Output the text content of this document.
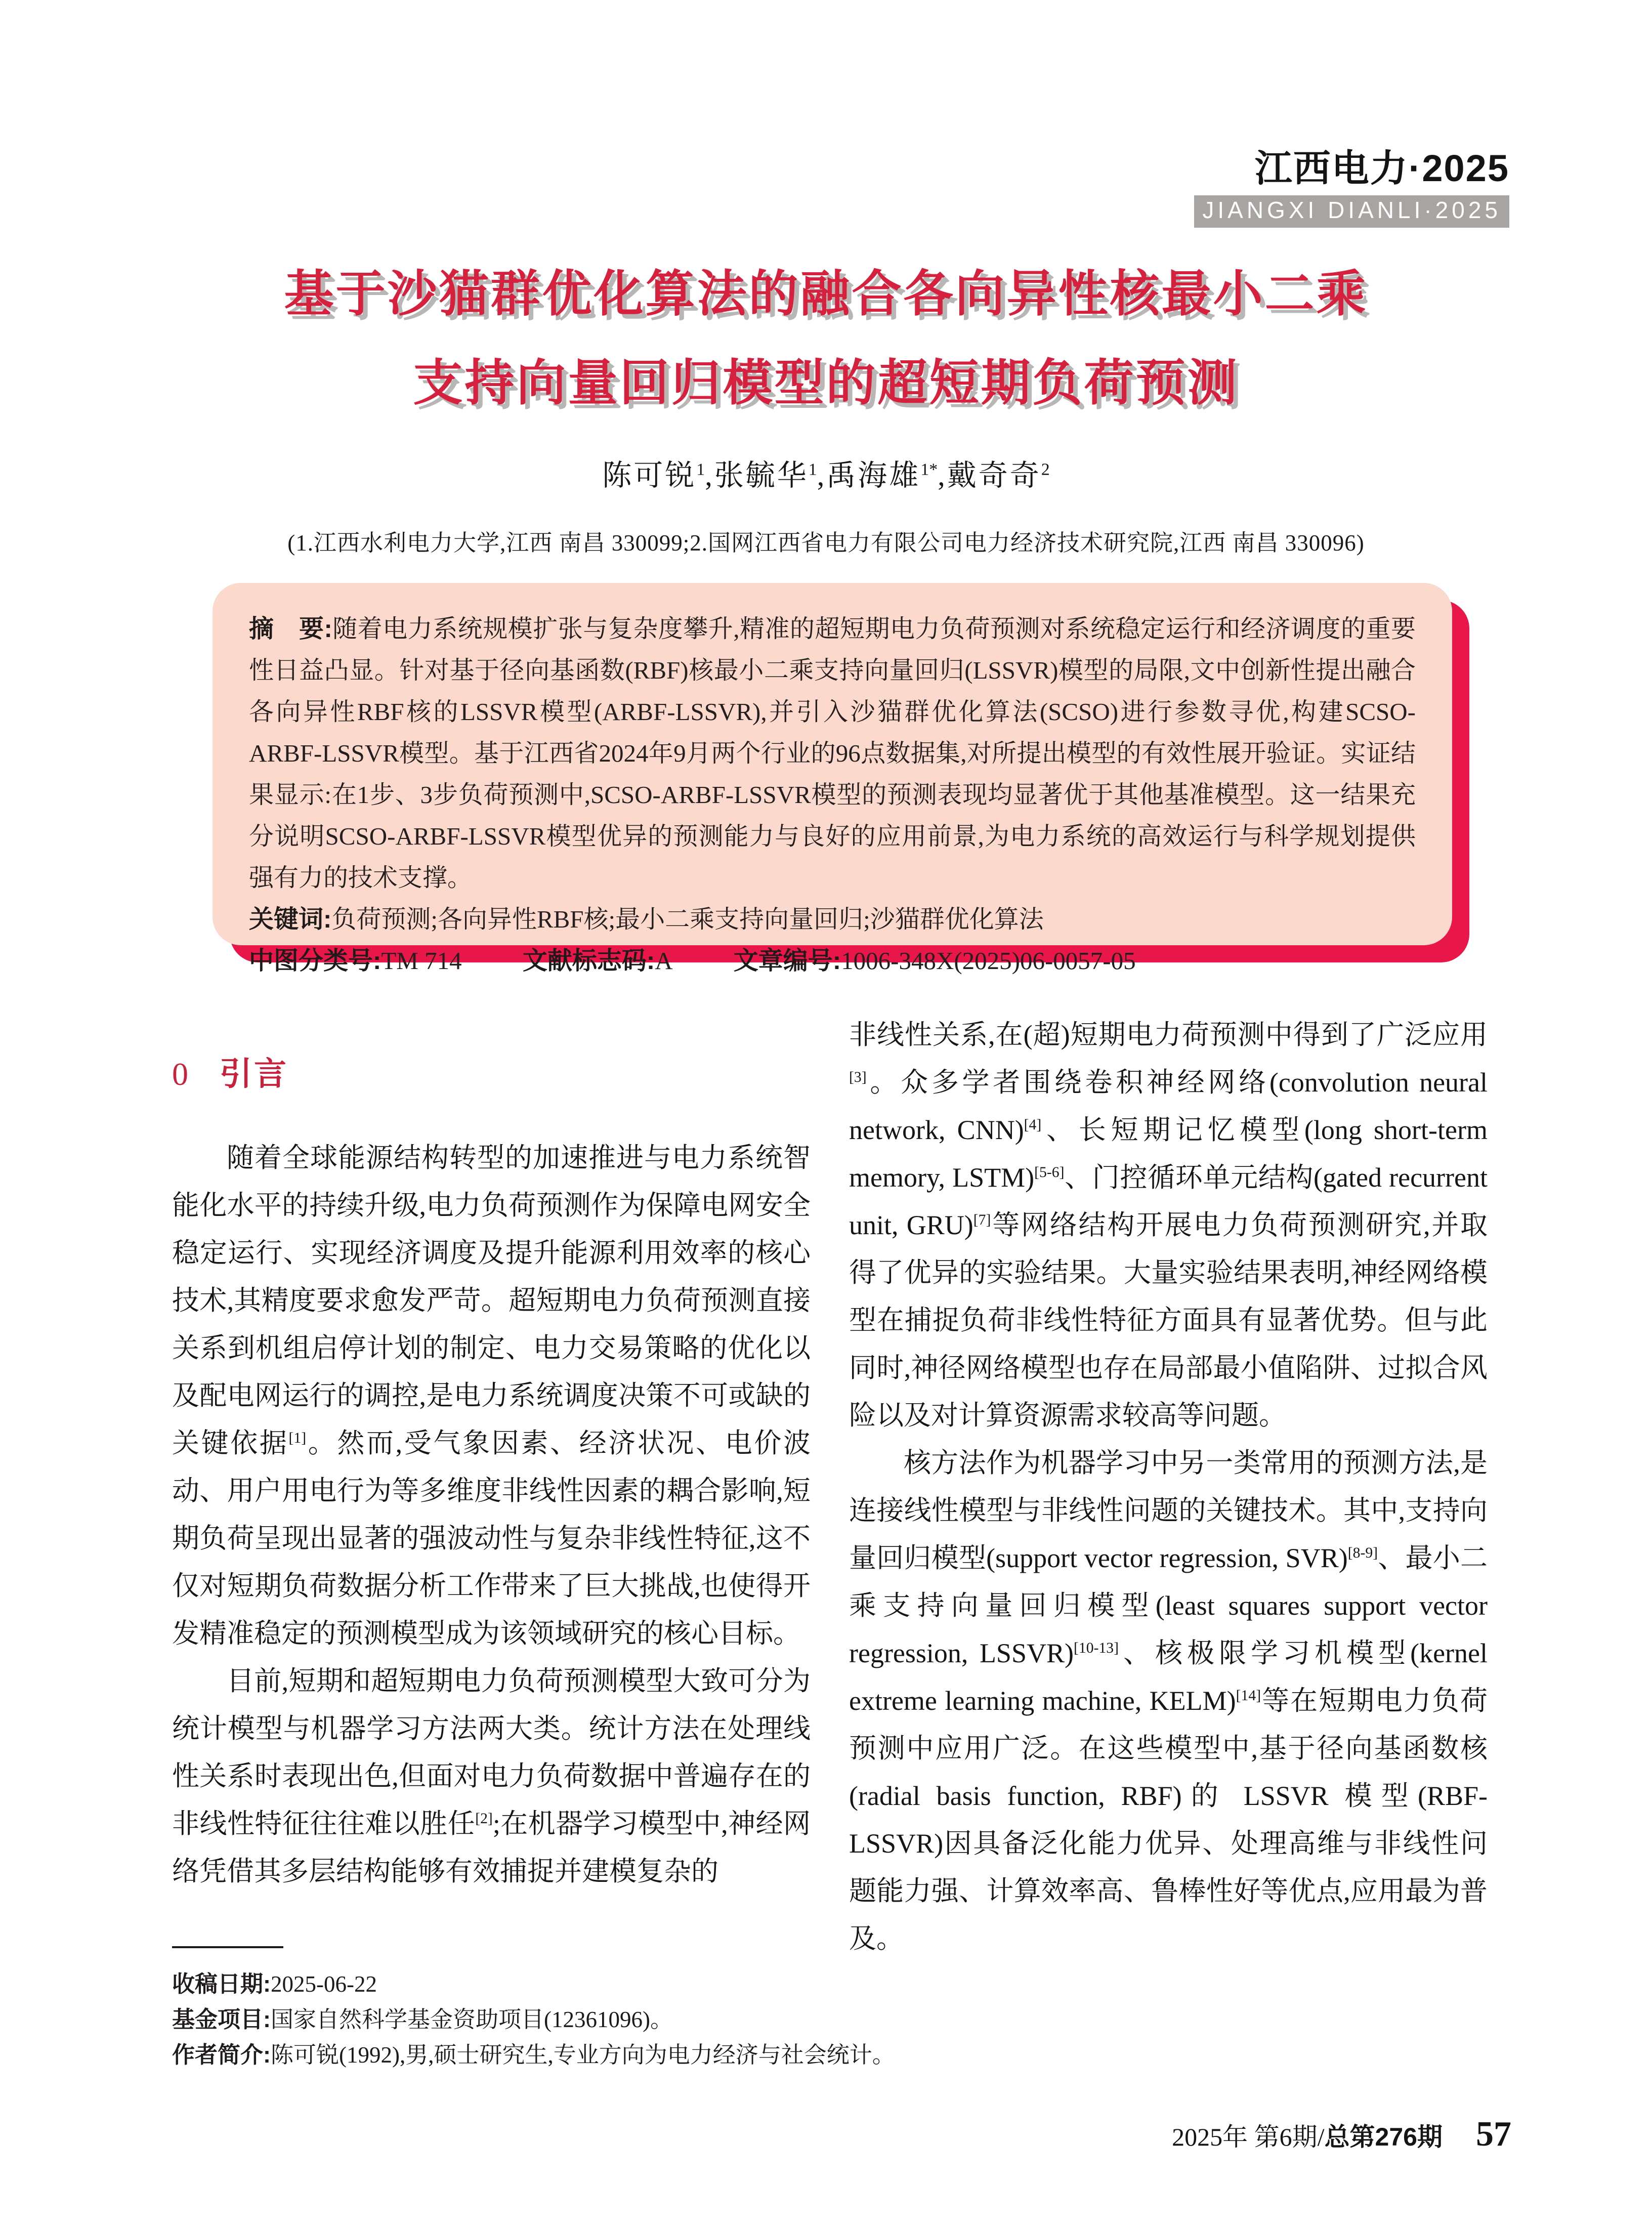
江西电力·2025
JIANGXI DIANLI·2025
基于沙猫群优化算法的融合各向异性核最小二乘
支持向量回归模型的超短期负荷预测
陈可锐$^1$,张毓华$^1$,禹海雄$^{1*}$,戴奇奇$^2$
(1.江西水利电力大学,江西 南昌 330099;2.国网江西省电力有限公司电力经济技术研究院,江西 南昌 330096)

摘　要:随着电力系统规模扩张与复杂度攀升,精准的超短期电力负荷预测对系统稳定运行和经济调度的重要性日益凸显。针对基于径向基函数(RBF)核最小二乘支持向量回归(LSSVR)模型的局限,文中创新性提出融合各向异性RBF核的LSSVR模型(ARBF-LSSVR),并引入沙猫群优化算法(SCSO)进行参数寻优,构建SCSO-ARBF-LSSVR模型。基于江西省2024年9月两个行业的96点数据集,对所提出模型的有效性展开验证。实证结果显示:在1步、3步负荷预测中,SCSO-ARBF-LSSVR模型的预测表现均显著优于其他基准模型。这一结果充分说明SCSO-ARBF-LSSVR模型优异的预测能力与良好的应用前景,为电力系统的高效运行与科学规划提供强有力的技术支撑。

关键词:负荷预测;各向异性RBF核;最小二乘支持向量回归;沙猫群优化算法

中图分类号:TM 714 文献标志码:A 文章编号:1006-348X(2025)06-0057-05

0 引言

随着全球能源结构转型的加速推进与电力系统智能化水平的持续升级,电力负荷预测作为保障电网安全稳定运行、实现经济调度及提升能源利用效率的核心技术,其精度要求愈发严苛。超短期电力负荷预测直接关系到机组启停计划的制定、电力交易策略的优化以及配电网运行的调控,是电力系统调度决策不可或缺的关键依据[1]。然而,受气象因素、经济状况、电价波动、用户用电行为等多维度非线性因素的耦合影响,短期负荷呈现出显著的强波动性与复杂非线性特征,这不仅对短期负荷数据分析工作带来了巨大挑战,也使得开发精准稳定的预测模型成为该领域研究的核心目标。

目前,短期和超短期电力负荷预测模型大致可分为统计模型与机器学习方法两大类。统计方法在处理线性关系时表现出色,但面对电力负荷数据中普遍存在的非线性特征往往难以胜任[2];在机器学习模型中,神经网络凭借其多层结构能够有效捕捉并建模复杂的

非线性关系,在(超)短期电力荷预测中得到了广泛应用[3]。众多学者围绕卷积神经网络(convolution neural network, CNN)[4]、长短期记忆模型(long short-term memory, LSTM)[5-6]、门控循环单元结构(gated recurrent unit, GRU)[7]等网络结构开展电力负荷预测研究,并取得了优异的实验结果。大量实验结果表明,神经网络模型在捕捉负荷非线性特征方面具有显著优势。但与此同时,神径网络模型也存在局部最小值陷阱、过拟合风险以及对计算资源需求较高等问题。

核方法作为机器学习中另一类常用的预测方法,是连接线性模型与非线性问题的关键技术。其中,支持向量回归模型(support vector regression, SVR)[8-9]、最小二乘支持向量回归模型(least squares support vector regression, LSSVR)[10-13]、核极限学习机模型(kernel extreme learning machine, KELM)[14]等在短期电力负荷预测中应用广泛。在这些模型中,基于径向基函数核(radial basis function, RBF)的 LSSVR 模型(RBF-LSSVR)因具备泛化能力优异、处理高维与非线性问题能力强、计算效率高、鲁棒性好等优点,应用最为普及。

收稿日期:2025-06-22

基金项目:国家自然科学基金资助项目(12361096)。

作者简介:陈可锐(1992),男,硕士研究生,专业方向为电力经济与社会统计。

2025年 第6期/总第276期 57
